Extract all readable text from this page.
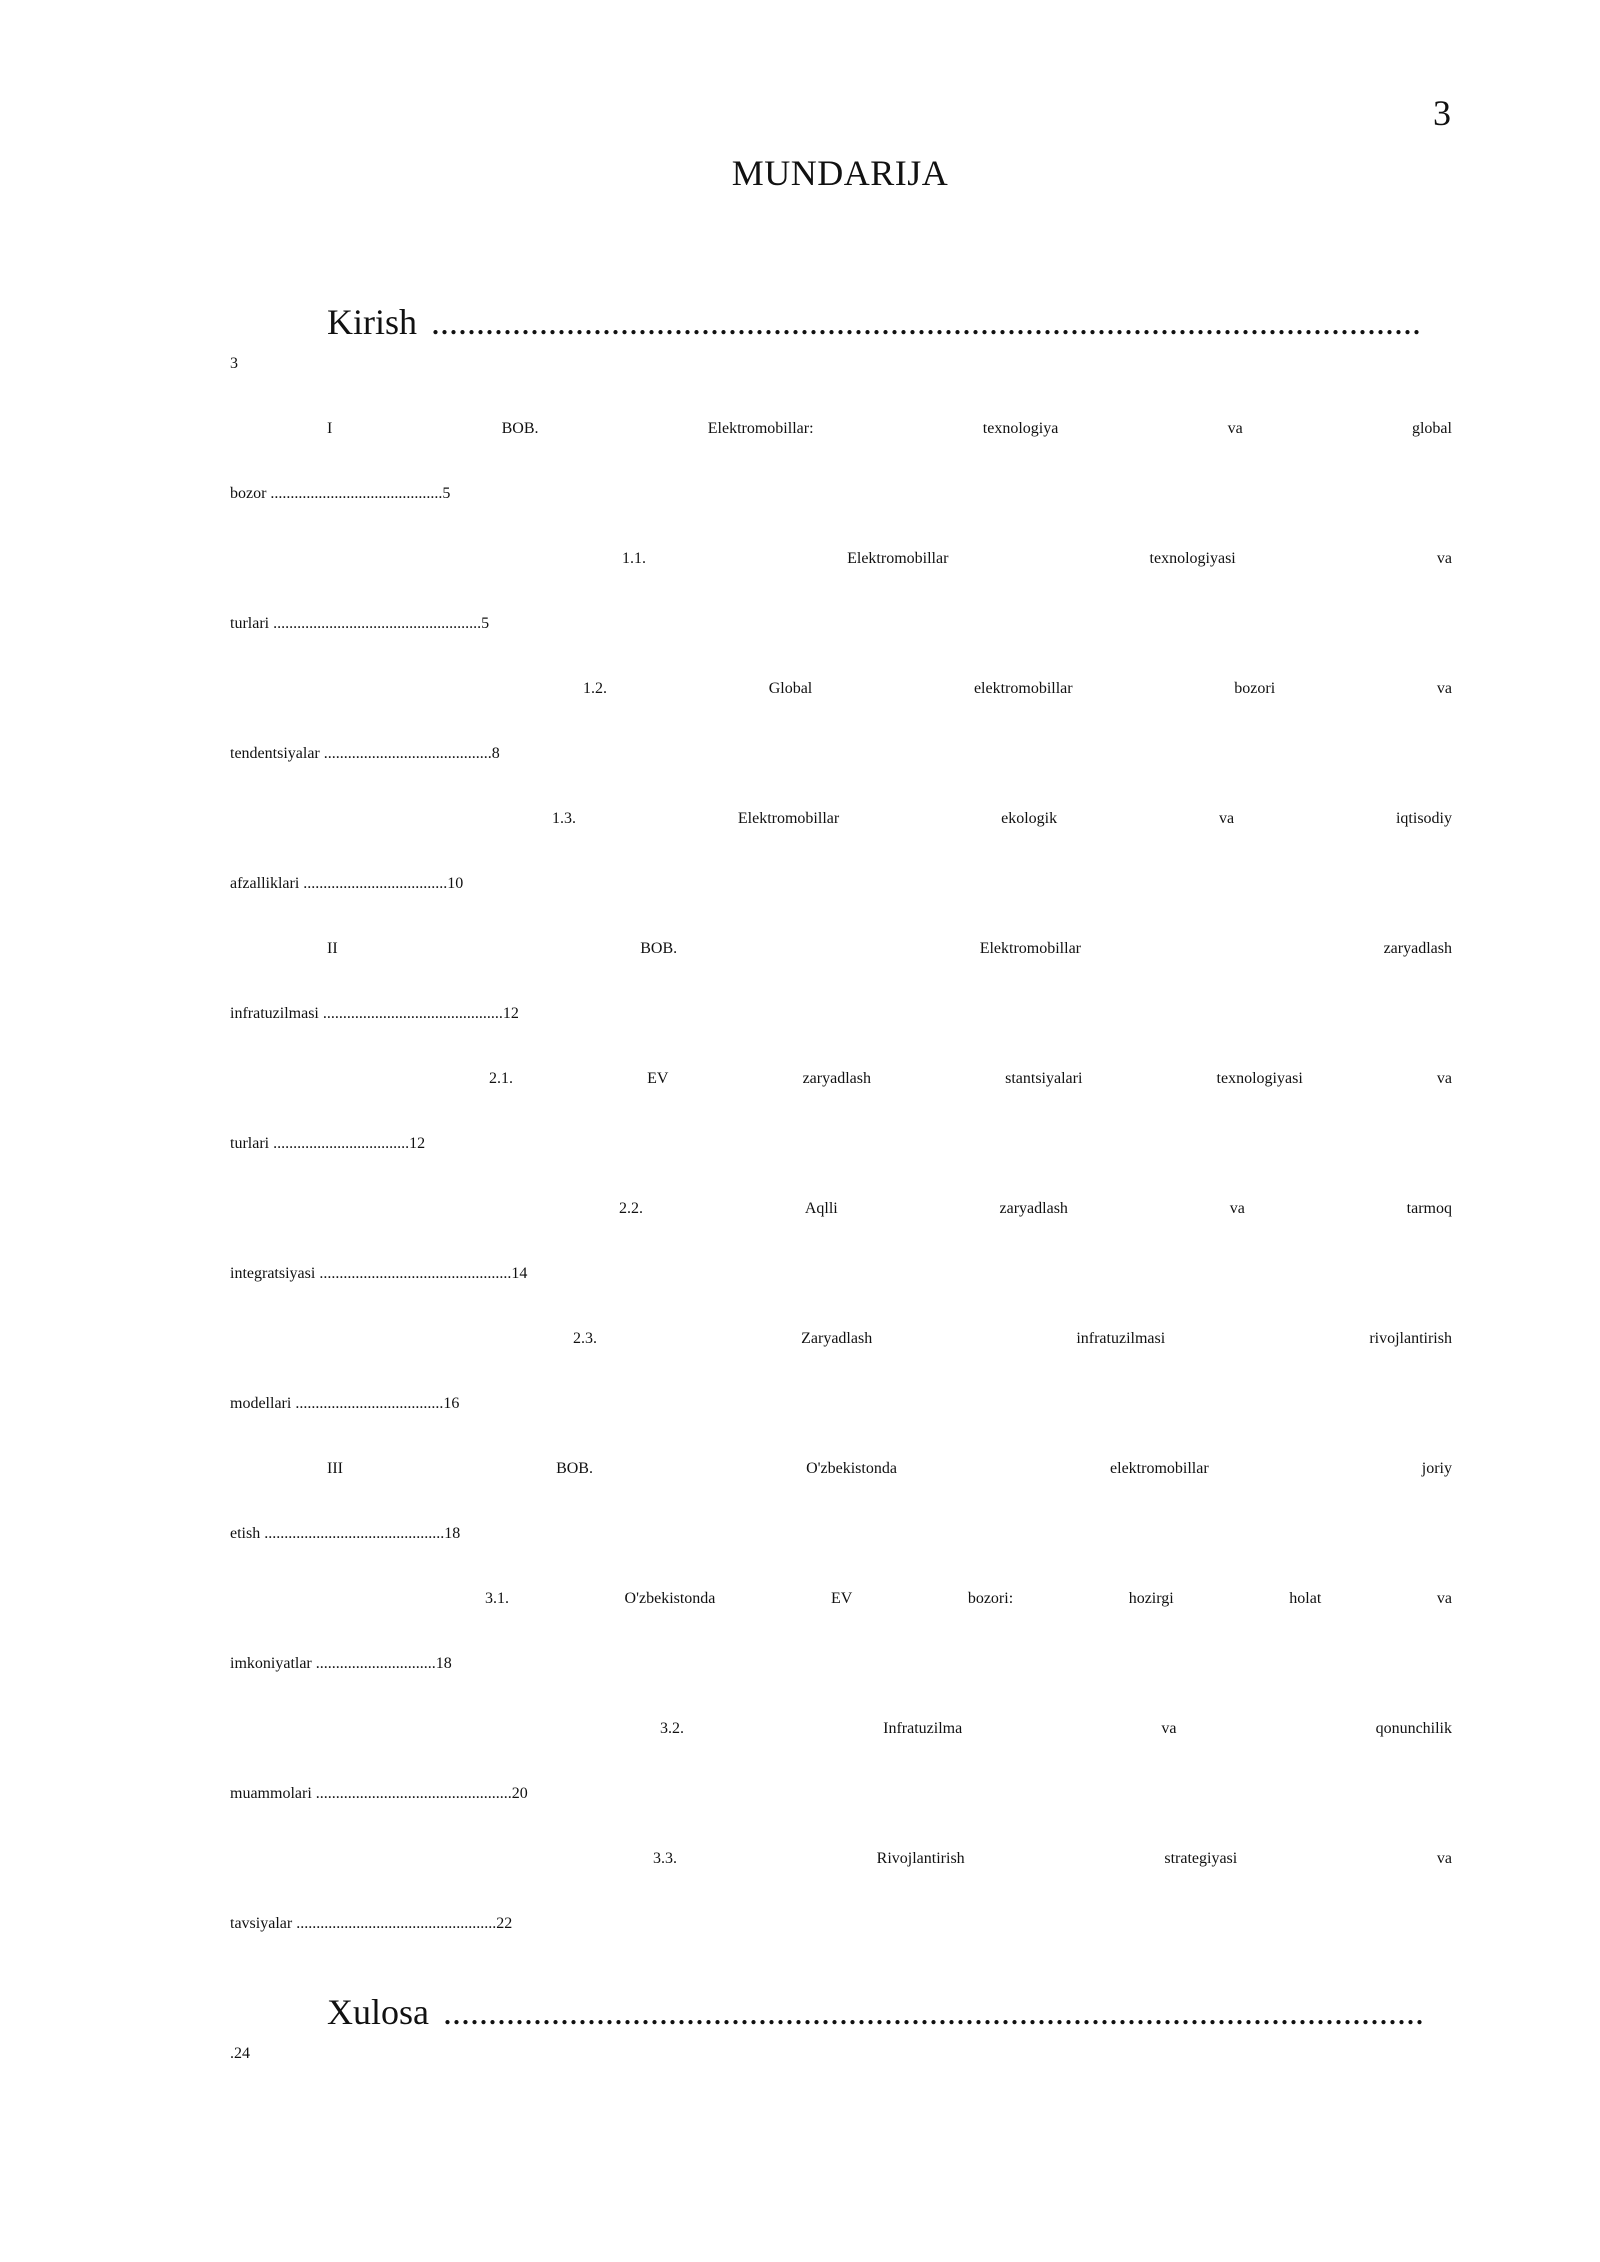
3
MUNDARIJA
Kirish ..............................................................................................................
3
I	BOB.	Elektromobillar:	texnologiya	va	global
bozor ...........................................5
1.1.	Elektromobillar	texnologiyasi	va
turlari ....................................................5
1.2.	Global	elektromobillar	bozori	va
tendentsiyalar ..........................................8
1.3.	Elektromobillar	ekologik	va	iqtisodiy
afzalliklari ....................................10
II	BOB.	Elektromobillar	zaryadlash
infratuzilmasi .............................................12
2.1.	EV	zaryadlash	stantsiyalari	texnologiyasi	va
turlari ..................................12
2.2.	Aqlli	zaryadlash	va	tarmoq
integratsiyasi ................................................14
2.3.	Zaryadlash	infratuzilmasi	rivojlantirish
modellari .....................................16
III	BOB.	O'zbekistonda	elektromobillar	joriy
etish .............................................18
3.1.	O'zbekistonda	EV	bozori:	hozirgi	holat	va
imkoniyatlar ..............................18
3.2.	Infratuzilma	va	qonunchilik
muammolari .................................................20
3.3.	Rivojlantirish	strategiyasi	va
tavsiyalar ..................................................22
Xulosa .............................................................................................................
.24
